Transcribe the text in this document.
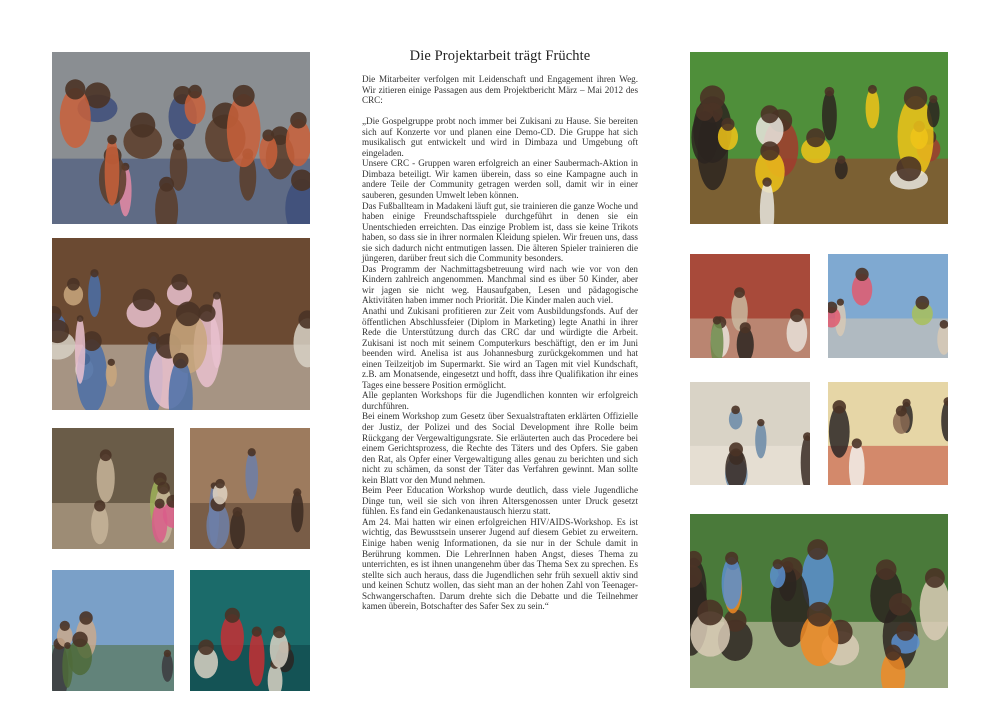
Die Projektarbeit trägt Früchte

Die Mitarbeiter verfolgen mit Leidenschaft und Engagement ihren Weg. Wir zitieren einige Passagen aus dem Projektbericht März – Mai 2012 des CRC:

„Die Gospelgruppe probt noch immer bei Zukisani zu Hause. Sie bereiten sich auf Konzerte vor und planen eine Demo-CD. Die Gruppe hat sich musikalisch gut entwickelt und wird in Dimbaza und Umgebung oft eingeladen.

Unsere CRC - Gruppen waren erfolgreich an einer Saubermach-Aktion in Dimbaza beteiligt. Wir kamen überein, dass so eine Kampagne auch in andere Teile der Community getragen werden soll, damit wir in einer sauberen, gesunden Umwelt leben können.

Das Fußballteam in Madakeni läuft gut, sie trainieren die ganze Woche und haben einige Freundschaftsspiele durchgeführt in denen sie ein Unentschieden erreichten. Das einzige Problem ist, dass sie keine Trikots haben, so dass sie in ihrer normalen Kleidung spielen. Wir freuen uns, dass sie sich dadurch nicht entmutigen lassen. Die älteren Spieler trainieren die jüngeren, darüber freut sich die Community besonders.

Das Programm der Nachmittagsbetreuung wird nach wie vor von den Kindern zahlreich angenommen. Manchmal sind es über 50 Kinder, aber wir jagen sie nicht weg. Hausaufgaben, Lesen und pädagogische Aktivitäten haben immer noch Priorität. Die Kinder malen auch viel.

Anathi und Zukisani profitieren zur Zeit vom Ausbildungsfonds. Auf der öffentlichen Abschlussfeier (Diplom in Marketing) legte Anathi in ihrer Rede die Unterstützung durch das CRC dar und würdigte die Arbeit. Zukisani ist noch mit seinem Computerkurs beschäftigt, den er im Juni beenden wird. Anelisa ist aus Johannesburg zurückgekommen und hat einen Teilzeitjob im Supermarkt. Sie wird an Tagen mit viel Kundschaft, z.B. am Monatsende, eingesetzt und hofft, dass ihre Qualifikation ihr eines Tages eine bessere Position ermöglicht.

Alle geplanten Workshops für die Jugendlichen konnten wir erfolgreich durchführen.

Bei einem Workshop zum Gesetz über Sexualstraftaten erklärten Offizielle der Justiz, der Polizei und des Social Development ihre Rolle beim Rückgang der Vergewaltigungsrate. Sie erläuterten auch das Procedere bei einem Gerichtsprozess, die Rechte des Täters und des Opfers. Sie gaben den Rat, als Opfer einer Vergewaltigung alles genau zu berichten und sich nicht zu schämen, da sonst der Täter das Verfahren gewinnt. Man sollte kein Blatt vor den Mund nehmen.

Beim Peer Education Workshop wurde deutlich, dass viele Jugendliche Dinge tun, weil sie sich von ihren Altersgenossen unter Druck gesetzt fühlen. Es fand ein Gedankenaustausch hierzu statt.

Am 24. Mai hatten wir einen erfolgreichen HIV/AIDS-Workshop. Es ist wichtig, das Bewusstsein unserer Jugend auf diesem Gebiet zu erweitern. Einige haben wenig Informationen, da sie nur in der Schule damit in Berührung kommen. Die LehrerInnen haben Angst, dieses Thema zu unterrichten, es ist ihnen unangenehm über das Thema Sex zu sprechen. Es stellte sich auch heraus, dass die Jugendlichen sehr früh sexuell aktiv sind und keinen Schutz wollen, das sieht man an der hohen Zahl von Teenager-Schwangerschaften. Darum drehte sich die Debatte und die Teilnehmer kamen überein, Botschafter des Safer Sex zu sein.“
